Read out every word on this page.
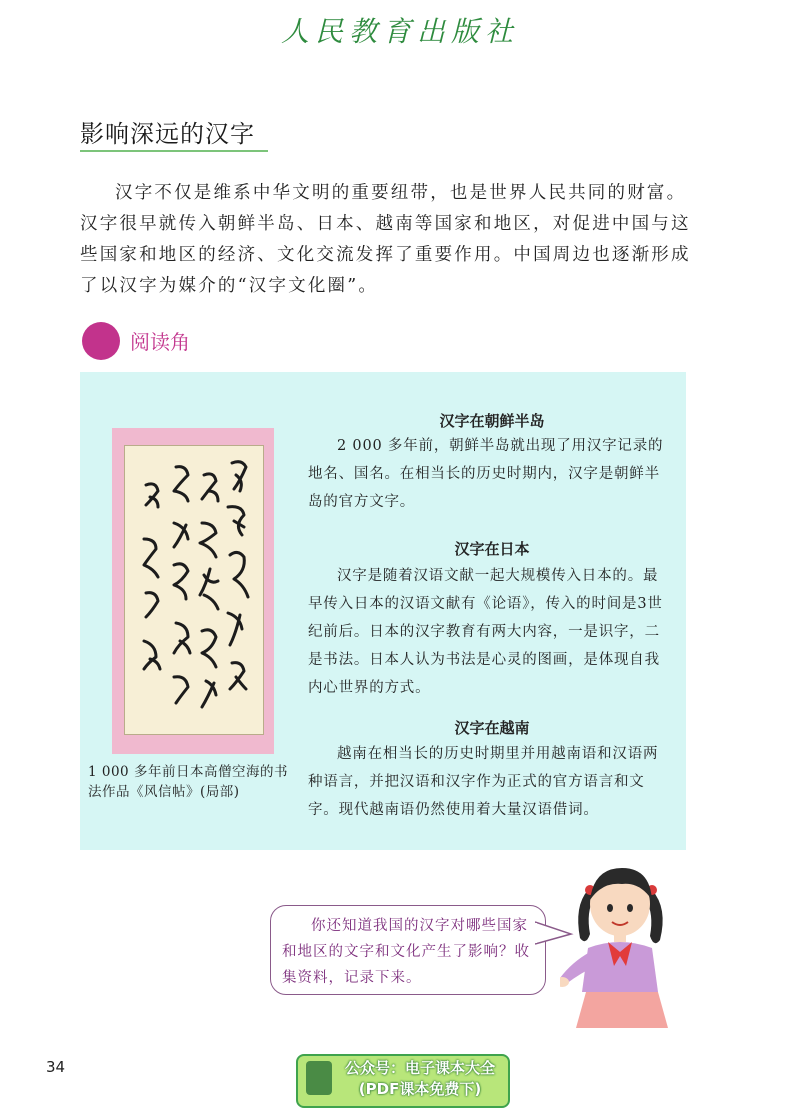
人民教育出版社
影响深远的汉字
汉字不仅是维系中华文明的重要纽带，也是世界人民共同的财富。汉字很早就传入朝鲜半岛、日本、越南等国家和地区，对促进中国与这些国家和地区的经济、文化交流发挥了重要作用。中国周边也逐渐形成了以汉字为媒介的“汉字文化圈”。
阅读角
1 000 多年前日本高僧空海的书法作品《风信帖》(局部)
汉字在朝鲜半岛
2 000 多年前，朝鲜半岛就出现了用汉字记录的地名、国名。在相当长的历史时期内，汉字是朝鲜半岛的官方文字。
汉字在日本
汉字是随着汉语文献一起大规模传入日本的。最早传入日本的汉语文献有《论语》，传入的时间是3世纪前后。日本的汉字教育有两大内容，一是识字，二是书法。日本人认为书法是心灵的图画，是体现自我内心世界的方式。
汉字在越南
越南在相当长的历史时期里并用越南语和汉语两种语言，并把汉语和汉字作为正式的官方语言和文字。现代越南语仍然使用着大量汉语借词。
你还知道我国的汉字对哪些国家和地区的文字和文化产生了影响？收集资料，记录下来。
34	公众号：电子课本大全
(PDF课本免费下)
